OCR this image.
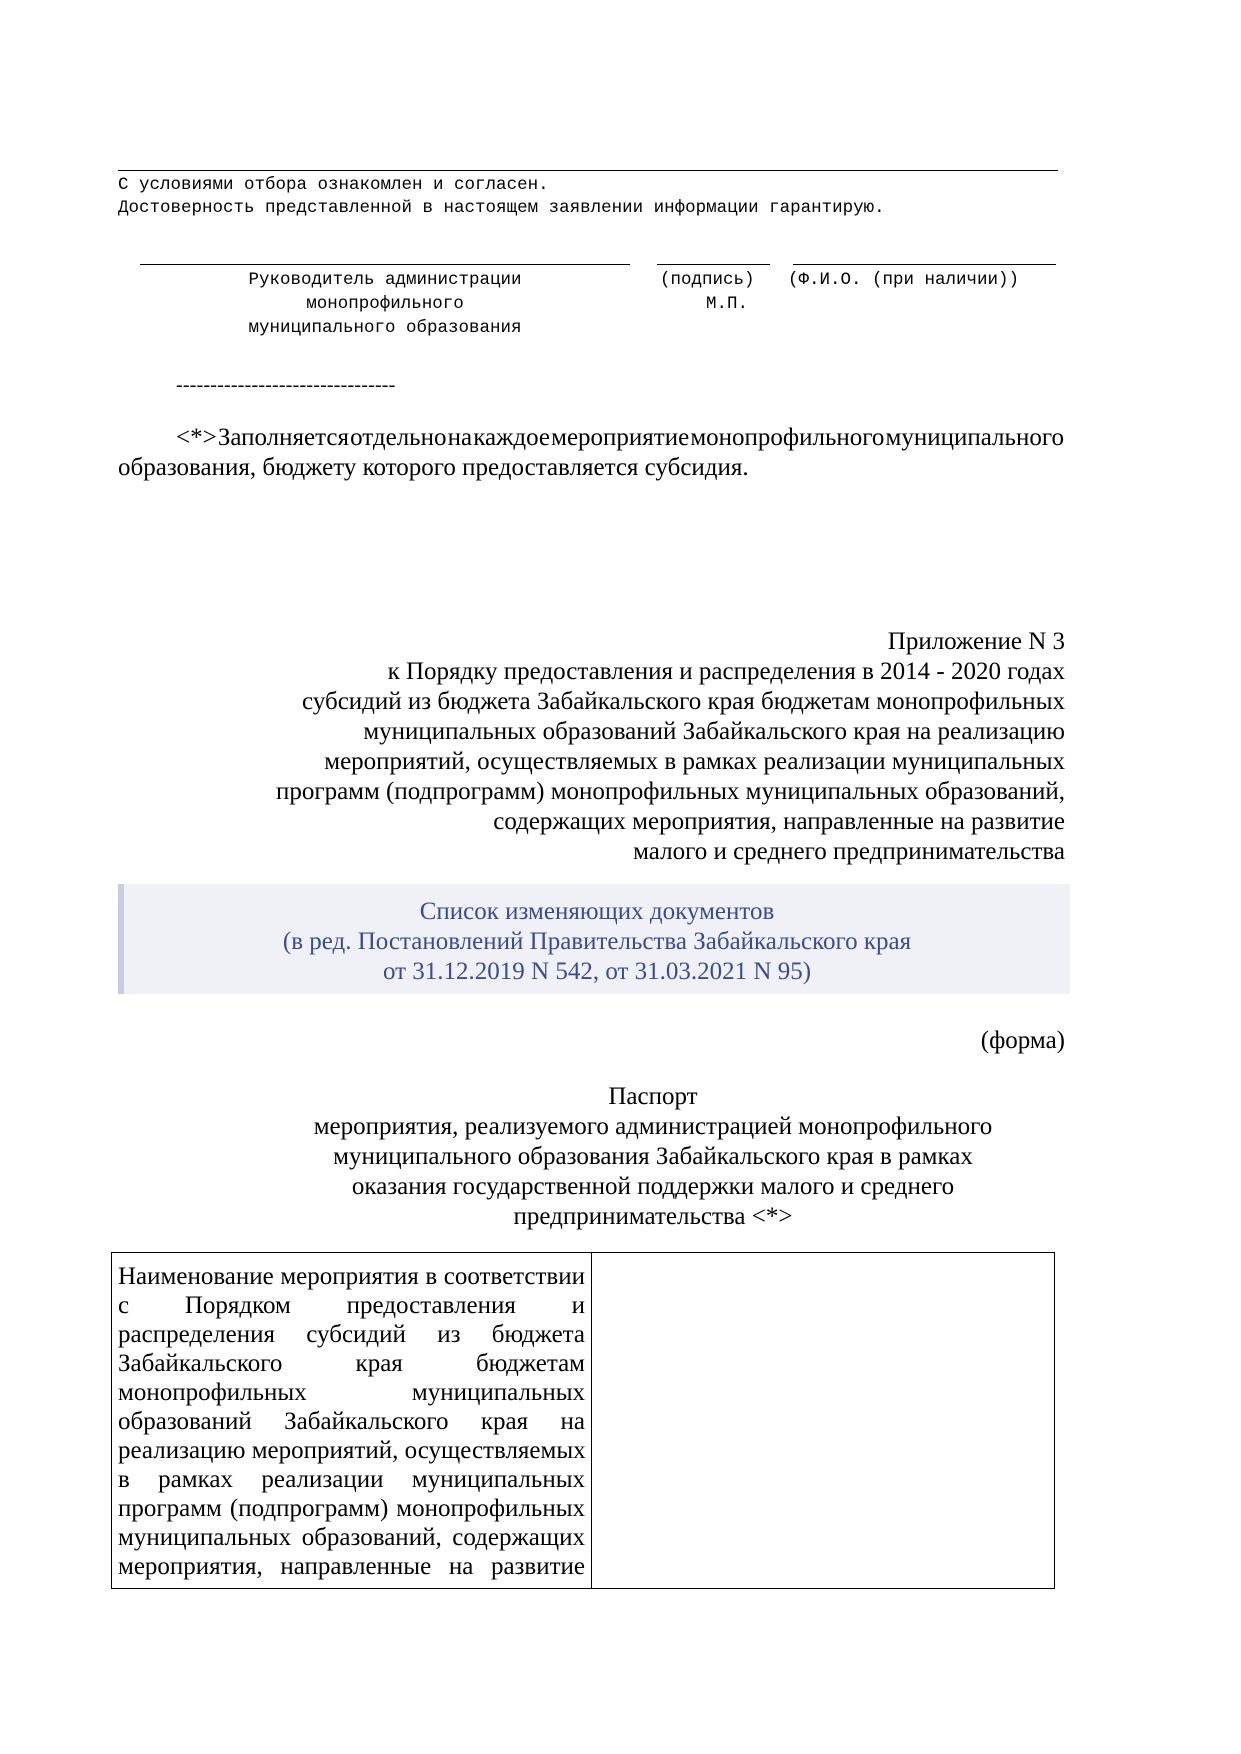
С условиями отбора ознакомлен и согласен.
Достоверность представленной в настоящем заявлении информации гарантирую.
Руководитель администрации
монопрофильного
муниципального образования
(подпись)
М.П.
(Ф.И.О. (при наличии))
--------------------------------
<*> Заполняется отдельно на каждое мероприятие монопрофильного муниципального
образования, бюджету которого предоставляется субсидия.
Приложение N 3
к Порядку предоставления и распределения в 2014 - 2020 годах
субсидий из бюджета Забайкальского края бюджетам монопрофильных
муниципальных образований Забайкальского края на реализацию
мероприятий, осуществляемых в рамках реализации муниципальных
программ (подпрограмм) монопрофильных муниципальных образований,
содержащих мероприятия, направленные на развитие
малого и среднего предпринимательства
Список изменяющих документов
(в ред. Постановлений Правительства Забайкальского края
от 31.12.2019 N 542, от 31.03.2021 N 95)
(форма)
Паспорт
мероприятия, реализуемого администрацией монопрофильного
муниципального образования Забайкальского края в рамках
оказания государственной поддержки малого и среднего
предпринимательства <*>
Наименование мероприятия в соответствии
с Порядком предоставления и
распределения субсидий из бюджета
Забайкальского края бюджетам
монопрофильных муниципальных
образований Забайкальского края на
реализацию мероприятий, осуществляемых
в рамках реализации муниципальных
программ (подпрограмм) монопрофильных
муниципальных образований, содержащих
мероприятия, направленные на развитие
